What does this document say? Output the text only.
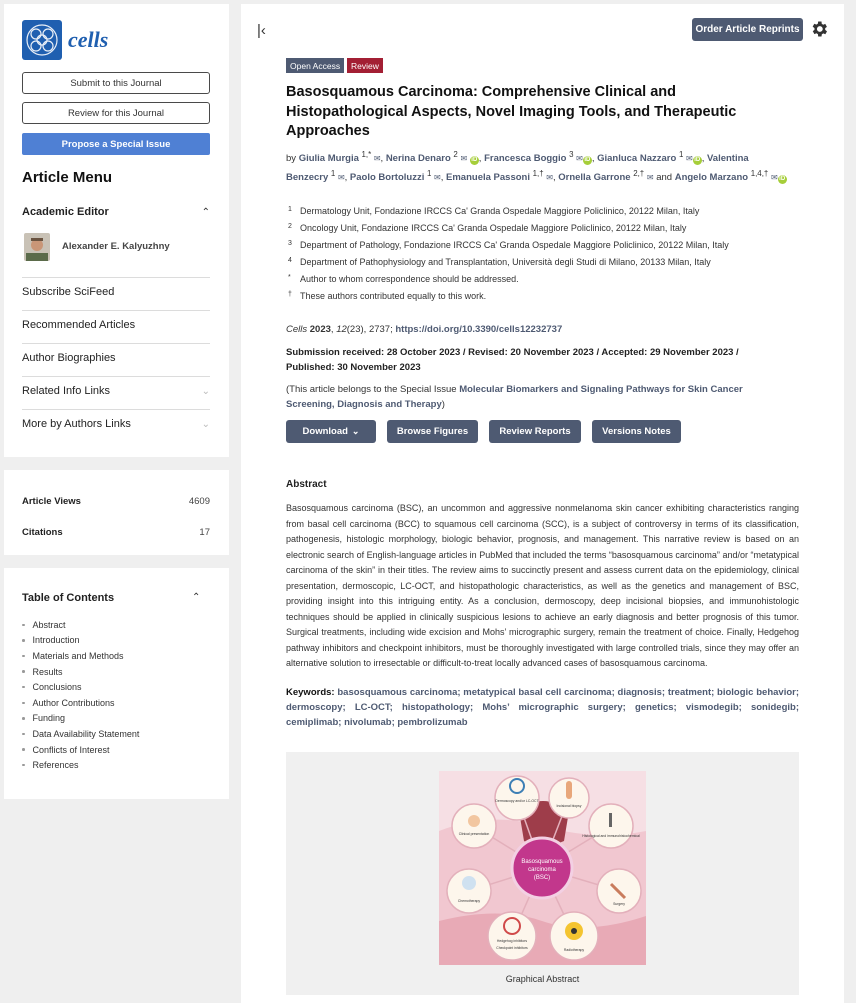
cells
Submit to this Journal
Review for this Journal
Propose a Special Issue
Article Menu
Academic Editor	⌃
Alexander E. Kalyuzhny
Subscribe SciFeed
Recommended Articles
Author Biographies
Related Info Links	⌄
More by Authors Links	⌄
Article Views	4609
Citations	17
Table of Contents	⌃
Abstract
Introduction
Materials and Methods
Results
Conclusions
Author Contributions
Funding
Data Availability Statement
Conflicts of Interest
References
|‹	Order Article Reprints
Open Access	Review
Basosquamous Carcinoma: Comprehensive Clinical and Histopathological Aspects, Novel Imaging Tools, and Therapeutic Approaches
by Giulia Murgia $^{1,*}$ ✉, Nerina Denaro $^2$ ✉ iD , Francesca Boggio $^3$ ✉ iD , Gianluca Nazzaro $^1$ ✉ iD , Valentina Benzecry $^1$ ✉, Paolo Bortoluzzi $^1$ ✉, Emanuela Passoni $^{1,\dagger}$ ✉, Ornella Garrone $^{2,\dagger}$ ✉ and Angelo Marzano $^{1,4,\dagger}$ ✉ iD
1 Dermatology Unit, Fondazione IRCCS Ca' Granda Ospedale Maggiore Policlinico, 20122 Milan, Italy
2 Oncology Unit, Fondazione IRCCS Ca' Granda Ospedale Maggiore Policlinico, 20122 Milan, Italy
3 Department of Pathology, Fondazione IRCCS Ca' Granda Ospedale Maggiore Policlinico, 20122 Milan, Italy
4 Department of Pathophysiology and Transplantation, Università degli Studi di Milano, 20133 Milan, Italy
*	Author to whom correspondence should be addressed.
† These authors contributed equally to this work.
Cells 2023, 12(23), 2737; https://doi.org/10.3390/cells12232737
Submission received: 28 October 2023 / Revised: 20 November 2023 / Accepted: 29 November 2023 / Published: 30 November 2023
(This article belongs to the Special Issue Molecular Biomarkers and Signaling Pathways for Skin Cancer Screening, Diagnosis and Therapy)
Download ⌄	Browse Figures	Review Reports	Versions Notes
Abstract

Basosquamous carcinoma (BSC), an uncommon and aggressive nonmelanoma skin cancer exhibiting characteristics ranging from basal cell carcinoma (BCC) to squamous cell carcinoma (SCC), is a subject of controversy in terms of its classification, pathogenesis, histologic morphology, biologic behavior, prognosis, and management. This narrative review is based on an electronic search of English-language articles in PubMed that included the terms “basosquamous carcinoma” and/or “metatypical carcinoma of the skin” in their titles. The review aims to succinctly present and assess current data on the epidemiology, clinical presentation, dermoscopic, LC-OCT, and histopathologic characteristics, as well as the genetics and management of BSC, providing insight into this intriguing entity. As a conclusion, dermoscopy, deep incisional biopsies, and immunohistologic techniques should be applied in clinically suspicious lesions to achieve an early diagnosis and better prognosis of this tumor. Surgical treatments, including wide excision and Mohs’ micrographic surgery, remain the treatment of choice. Finally, Hedgehog pathway inhibitors and checkpoint inhibitors, must be thoroughly investigated with large controlled trials, since they may offer an alternative solution to irresectable or difficult-to-treat locally advanced cases of basosquamous carcinoma.

Keywords: basosquamous carcinoma; metatypical basal cell carcinoma; diagnosis; treatment; biologic behavior; dermoscopy; LC-OCT; histopathology; Mohs’ micrographic surgery; genetics; vismodegib; sonidegib; cemiplimab; nivolumab; pembrolizumab
Basosquamous
carcinoma
(BSC)
Dermoscopy and/or LC-OCT
Incisional biopsy
Histological and immunohistochemical
Surgery
Radiotherapy
Hedgehog inhibitors
Checkpoint inhibitors
Chemotherapy
Clinical presentation
Graphical Abstract
